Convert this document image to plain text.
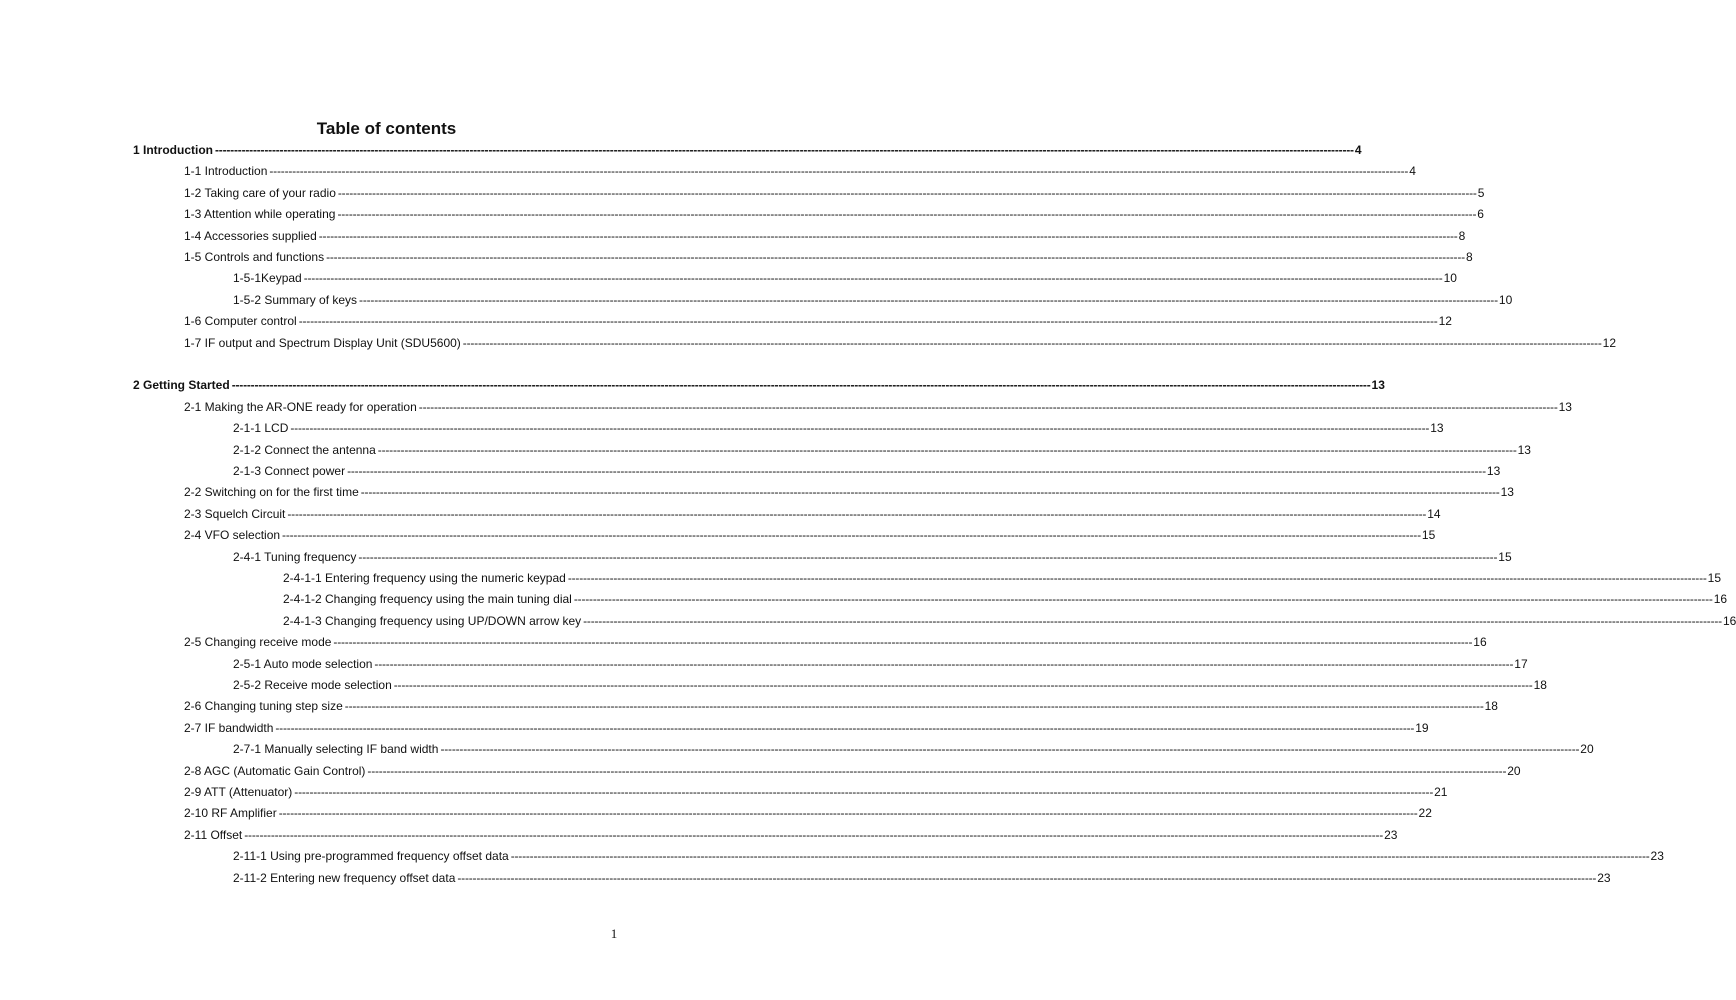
Table of contents
1 Introduction ------------------------------------------------------------------------------------------------------------------------------------------------------------------------------------------------------------------------------------------------------------------------------------------------------------ 4
1-1 Introduction ------------------------------------------------------------------------------------------------------------------------------------------------------------------------------------------------------------------------------------------------------------------------------------------------------------ 4
1-2 Taking care of your radio ------------------------------------------------------------------------------------------------------------------------------------------------------------------------------------------------------------------------------------------------------------------------------------------------------------ 5
1-3 Attention while operating ------------------------------------------------------------------------------------------------------------------------------------------------------------------------------------------------------------------------------------------------------------------------------------------------------------ 6
1-4 Accessories supplied ------------------------------------------------------------------------------------------------------------------------------------------------------------------------------------------------------------------------------------------------------------------------------------------------------------ 8
1-5 Controls and functions ------------------------------------------------------------------------------------------------------------------------------------------------------------------------------------------------------------------------------------------------------------------------------------------------------------ 8
1-5-1Keypad ------------------------------------------------------------------------------------------------------------------------------------------------------------------------------------------------------------------------------------------------------------------------------------------------------------ 10
1-5-2 Summary of keys ------------------------------------------------------------------------------------------------------------------------------------------------------------------------------------------------------------------------------------------------------------------------------------------------------------ 10
1-6 Computer control ------------------------------------------------------------------------------------------------------------------------------------------------------------------------------------------------------------------------------------------------------------------------------------------------------------ 12
1-7 IF output and Spectrum Display Unit (SDU5600) ------------------------------------------------------------------------------------------------------------------------------------------------------------------------------------------------------------------------------------------------------------------------------------------------------------ 12
2 Getting Started ------------------------------------------------------------------------------------------------------------------------------------------------------------------------------------------------------------------------------------------------------------------------------------------------------------ 13
2-1 Making the AR-ONE ready for operation ------------------------------------------------------------------------------------------------------------------------------------------------------------------------------------------------------------------------------------------------------------------------------------------------------------ 13
2-1-1 LCD ------------------------------------------------------------------------------------------------------------------------------------------------------------------------------------------------------------------------------------------------------------------------------------------------------------ 13
2-1-2 Connect the antenna ------------------------------------------------------------------------------------------------------------------------------------------------------------------------------------------------------------------------------------------------------------------------------------------------------------ 13
2-1-3 Connect power ------------------------------------------------------------------------------------------------------------------------------------------------------------------------------------------------------------------------------------------------------------------------------------------------------------ 13
2-2 Switching on for the first time ------------------------------------------------------------------------------------------------------------------------------------------------------------------------------------------------------------------------------------------------------------------------------------------------------------ 13
2-3 Squelch Circuit ------------------------------------------------------------------------------------------------------------------------------------------------------------------------------------------------------------------------------------------------------------------------------------------------------------ 14
2-4 VFO selection ------------------------------------------------------------------------------------------------------------------------------------------------------------------------------------------------------------------------------------------------------------------------------------------------------------ 15
2-4-1 Tuning frequency ------------------------------------------------------------------------------------------------------------------------------------------------------------------------------------------------------------------------------------------------------------------------------------------------------------ 15
2-4-1-1 Entering frequency using the numeric keypad ------------------------------------------------------------------------------------------------------------------------------------------------------------------------------------------------------------------------------------------------------------------------------------------------------------ 15
2-4-1-2 Changing frequency using the main tuning dial ------------------------------------------------------------------------------------------------------------------------------------------------------------------------------------------------------------------------------------------------------------------------------------------------------------ 16
2-4-1-3 Changing frequency using UP/DOWN arrow key ------------------------------------------------------------------------------------------------------------------------------------------------------------------------------------------------------------------------------------------------------------------------------------------------------------ 16
2-5 Changing receive mode ------------------------------------------------------------------------------------------------------------------------------------------------------------------------------------------------------------------------------------------------------------------------------------------------------------ 16
2-5-1 Auto mode selection ------------------------------------------------------------------------------------------------------------------------------------------------------------------------------------------------------------------------------------------------------------------------------------------------------------ 17
2-5-2 Receive mode selection ------------------------------------------------------------------------------------------------------------------------------------------------------------------------------------------------------------------------------------------------------------------------------------------------------------ 18
2-6 Changing tuning step size ------------------------------------------------------------------------------------------------------------------------------------------------------------------------------------------------------------------------------------------------------------------------------------------------------------ 18
2-7 IF bandwidth ------------------------------------------------------------------------------------------------------------------------------------------------------------------------------------------------------------------------------------------------------------------------------------------------------------ 19
2-7-1 Manually selecting IF band width ------------------------------------------------------------------------------------------------------------------------------------------------------------------------------------------------------------------------------------------------------------------------------------------------------------ 20
2-8 AGC (Automatic Gain Control) ------------------------------------------------------------------------------------------------------------------------------------------------------------------------------------------------------------------------------------------------------------------------------------------------------------ 20
2-9 ATT (Attenuator) ------------------------------------------------------------------------------------------------------------------------------------------------------------------------------------------------------------------------------------------------------------------------------------------------------------ 21
2-10 RF Amplifier ------------------------------------------------------------------------------------------------------------------------------------------------------------------------------------------------------------------------------------------------------------------------------------------------------------ 22
2-11 Offset ------------------------------------------------------------------------------------------------------------------------------------------------------------------------------------------------------------------------------------------------------------------------------------------------------------ 23
2-11-1 Using pre-programmed frequency offset data ------------------------------------------------------------------------------------------------------------------------------------------------------------------------------------------------------------------------------------------------------------------------------------------------------------ 23
2-11-2 Entering new frequency offset data ------------------------------------------------------------------------------------------------------------------------------------------------------------------------------------------------------------------------------------------------------------------------------------------------------------ 23
1
